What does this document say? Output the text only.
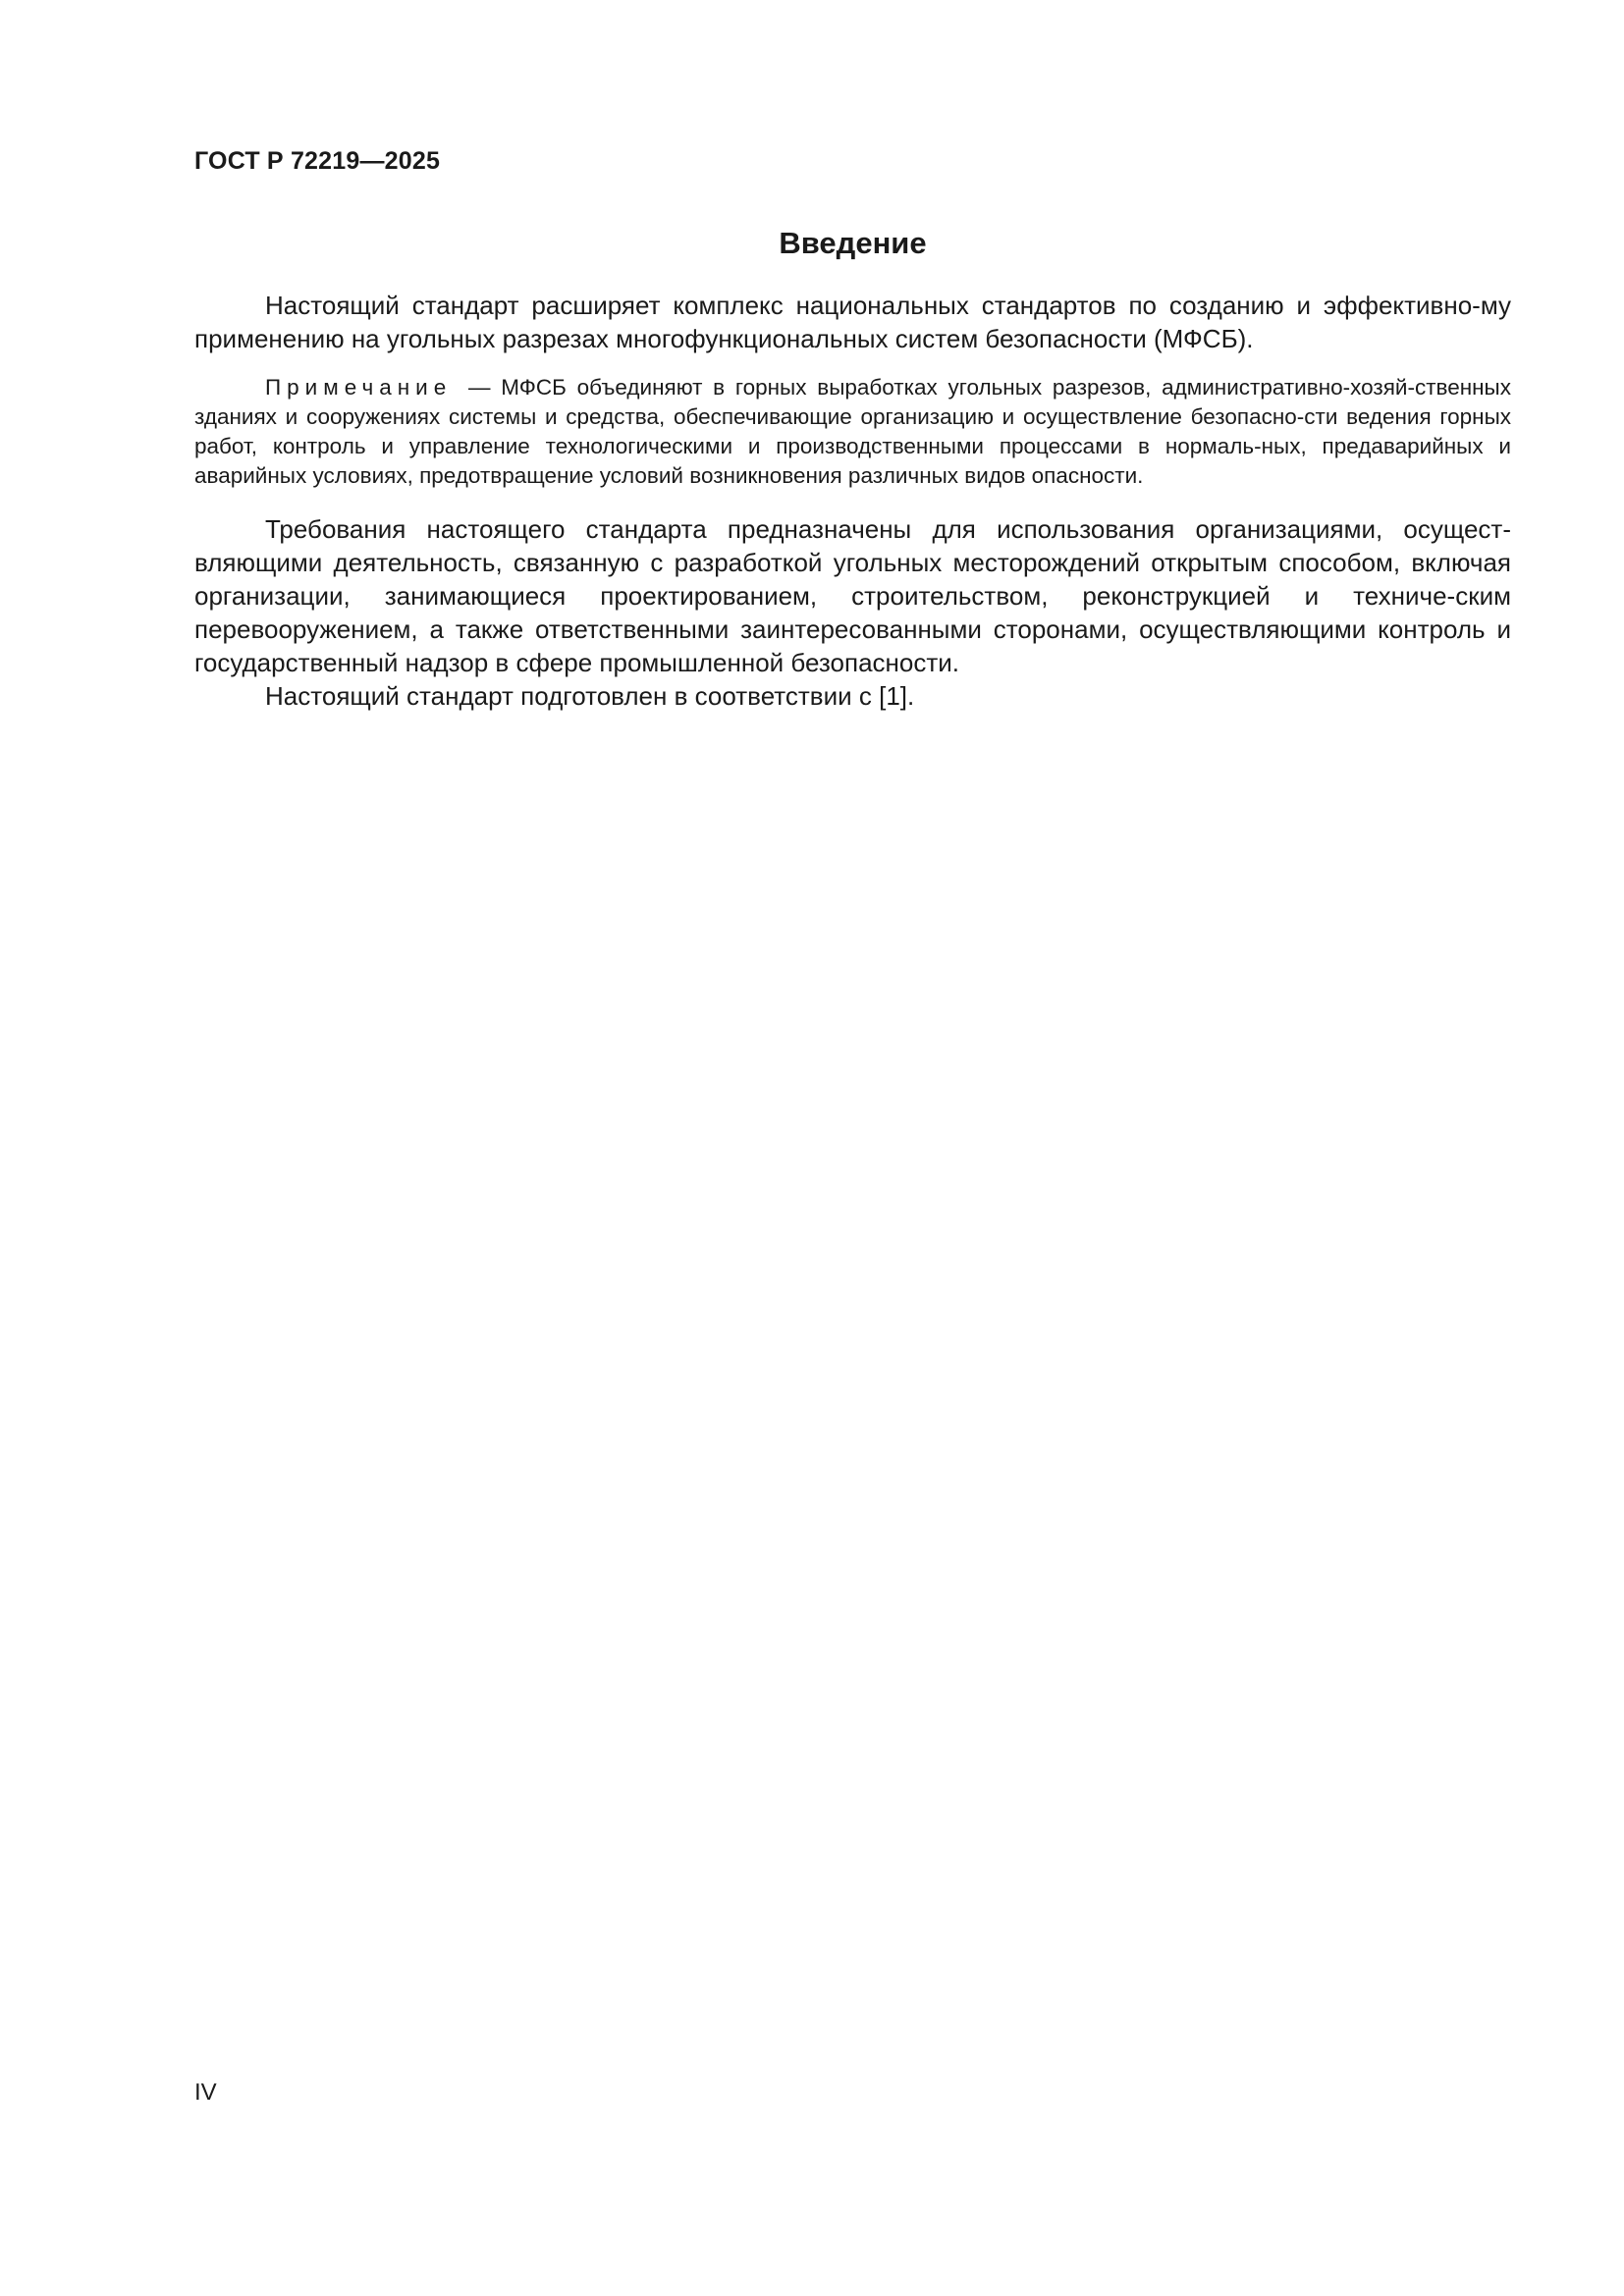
ГОСТ Р 72219—2025
Введение

Настоящий стандарт расширяет комплекс национальных стандартов по созданию и эффективно-му применению на угольных разрезах многофункциональных систем безопасности (МФСБ).

Примечание — МФСБ объединяют в горных выработках угольных разрезов, административно-хозяй-ственных зданиях и сооружениях системы и средства, обеспечивающие организацию и осуществление безопасно-сти ведения горных работ, контроль и управление технологическими и производственными процессами в нормаль-ных, предаварийных и аварийных условиях, предотвращение условий возникновения различных видов опасности.

Требования настоящего стандарта предназначены для использования организациями, осущест-вляющими деятельность, связанную с разработкой угольных месторождений открытым способом, включая организации, занимающиеся проектированием, строительством, реконструкцией и техниче-ским перевооружением, а также ответственными заинтересованными сторонами, осуществляющими контроль и государственный надзор в сфере промышленной безопасности.

Настоящий стандарт подготовлен в соответствии с [1].

IV
